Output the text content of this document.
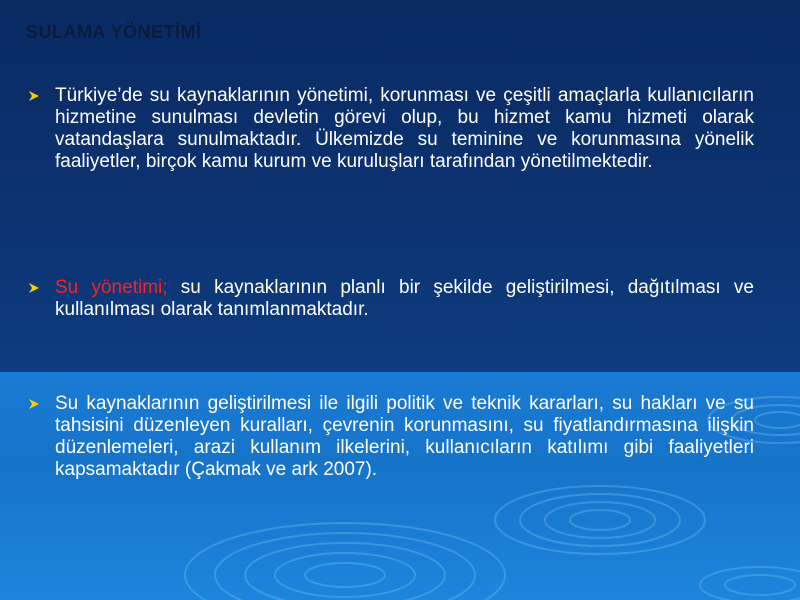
SULAMA YÖNETİMİ
Türkiye’de su kaynaklarının yönetimi, korunması ve çeşitli amaçlarla kullanıcıların hizmetine sunulması devletin görevi olup, bu hizmet kamu hizmeti olarak vatandaşlara sunulmaktadır. Ülkemizde su teminine ve korunmasına yönelik faaliyetler, birçok kamu kurum ve kuruluşları tarafından yönetilmektedir.
Su yönetimi; su kaynaklarının planlı bir şekilde geliştirilmesi, dağıtılması ve kullanılması olarak tanımlanmaktadır.
Su kaynaklarının geliştirilmesi ile ilgili politik ve teknik kararları, su hakları ve su tahsisini düzenleyen kuralları, çevrenin korunmasını, su fiyatlandırmasına ilişkin düzenlemeleri, arazi kullanım ilkelerini, kullanıcıların katılımı gibi faaliyetleri kapsamaktadır (Çakmak ve ark 2007).
